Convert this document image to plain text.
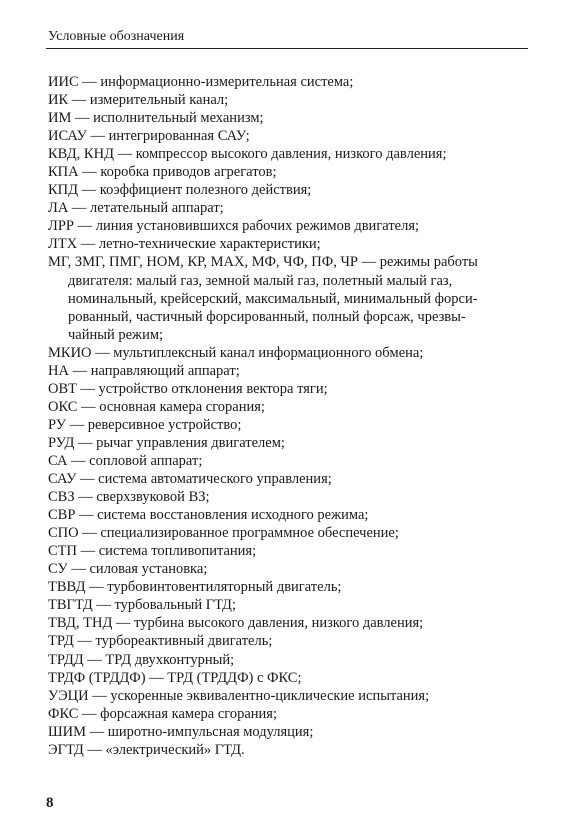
Условные обозначения
ИИС — информационно-измерительная система;
ИК — измерительный канал;
ИМ — исполнительный механизм;
ИСАУ — интегрированная САУ;
КВД, КНД — компрессор высокого давления, низкого давления;
КПА — коробка приводов агрегатов;
КПД — коэффициент полезного действия;
ЛА — летательный аппарат;
ЛРР — линия установившихся рабочих режимов двигателя;
ЛТХ — летно-технические характеристики;
МГ, ЗМГ, ПМГ, НОМ, КР, МАХ, МФ, ЧФ, ПФ, ЧР — режимы работы
двигателя: малый газ, земной малый газ, полетный малый газ,
номинальный, крейсерский, максимальный, минимальный форси-
рованный, частичный форсированный, полный форсаж, чрезвы-
чайный режим;
МКИО — мультиплексный канал информационного обмена;
НА — направляющий аппарат;
ОВТ — устройство отклонения вектора тяги;
ОКС — основная камера сгорания;
РУ — реверсивное устройство;
РУД — рычаг управления двигателем;
СА — сопловой аппарат;
САУ — система автоматического управления;
СВЗ — сверхзвуковой ВЗ;
СВР — система восстановления исходного режима;
СПО — специализированное программное обеспечение;
СТП — система топливопитания;
СУ — силовая установка;
ТВВД — турбовинтовентиляторный двигатель;
ТВГТД — турбовальный ГТД;
ТВД, ТНД — турбина высокого давления, низкого давления;
ТРД — турбореактивный двигатель;
ТРДД — ТРД двухконтурный;
ТРДФ (ТРДДФ) — ТРД (ТРДДФ) с ФКС;
УЭЦИ — ускоренные эквивалентно-циклические испытания;
ФКС — форсажная камера сгорания;
ШИМ — широтно-импульсная модуляция;
ЭГТД — «электрический» ГТД.
8
